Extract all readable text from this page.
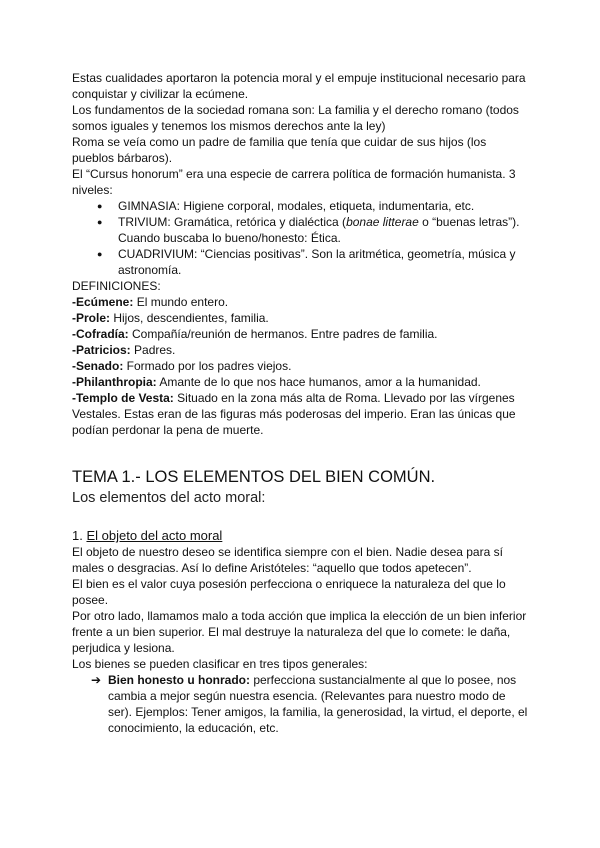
Estas cualidades aportaron la potencia moral y el empuje institucional necesario para conquistar y civilizar la ecúmene.

Los fundamentos de la sociedad romana son: La familia y el derecho romano (todos somos iguales y tenemos los mismos derechos ante la ley)

Roma se veía como un padre de familia que tenía que cuidar de sus hijos (los pueblos bárbaros).

El “Cursus honorum” era una especie de carrera política de formación humanista. 3 niveles:

● GIMNASIA: Higiene corporal, modales, etiqueta, indumentaria, etc.
● TRIVIUM: Gramática, retórica y dialéctica (bonae litterae o “buenas letras”). Cuando buscaba lo bueno/honesto: Ética.
● CUADRIVIUM: “Ciencias positivas”. Son la aritmética, geometría, música y astronomía.

DEFINICIONES:

-Ecúmene: El mundo entero.

-Prole: Hijos, descendientes, familia.

-Cofradía: Compañía/reunión de hermanos. Entre padres de familia.

-Patricios: Padres.

-Senado: Formado por los padres viejos.

-Philanthropia: Amante de lo que nos hace humanos, amor a la humanidad.

-Templo de Vesta: Situado en la zona más alta de Roma. Llevado por las vírgenes Vestales. Estas eran de las figuras más poderosas del imperio. Eran las únicas que podían perdonar la pena de muerte.

TEMA 1.- LOS ELEMENTOS DEL BIEN COMÚN.

Los elementos del acto moral:

1. El objeto del acto moral

El objeto de nuestro deseo se identifica siempre con el bien. Nadie desea para sí males o desgracias. Así lo define Aristóteles: “aquello que todos apetecen”.

El bien es el valor cuya posesión perfecciona o enriquece la naturaleza del que lo posee.

Por otro lado, llamamos malo a toda acción que implica la elección de un bien inferior frente a un bien superior. El mal destruye la naturaleza del que lo comete: le daña, perjudica y lesiona.

Los bienes se pueden clasificar en tres tipos generales:

➔ Bien honesto u honrado: perfecciona sustancialmente al que lo posee, nos cambia a mejor según nuestra esencia. (Relevantes para nuestro modo de ser). Ejemplos: Tener amigos, la familia, la generosidad, la virtud, el deporte, el conocimiento, la educación, etc.
